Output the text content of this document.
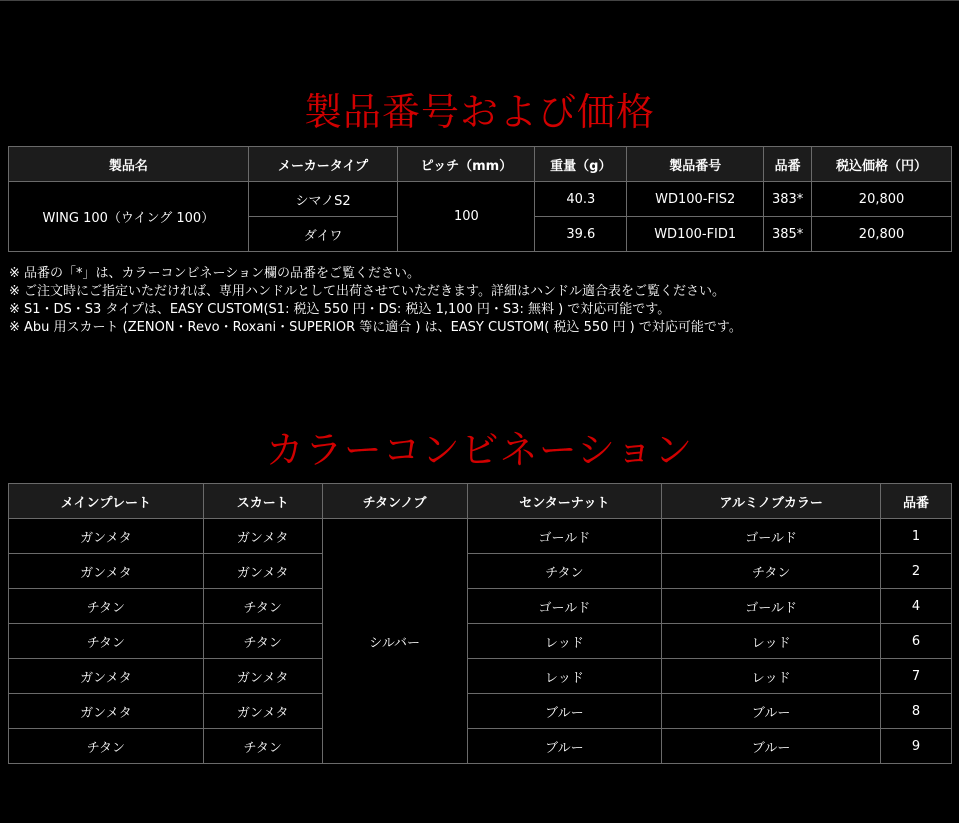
製品番号および価格
製品名	メーカータイプ	ピッチ（mm）	重量（g）	製品番号	品番	税込価格（円）
WING 100（ウイング 100）	シマノS2	100	40.3	WD100-FIS2	383*	20,800
	ダイワ		39.6	WD100-FID1	385*	20,800
※ 品番の「*」は、カラーコンビネーション欄の品番をご覧ください。
※ ご注文時にご指定いただければ、専用ハンドルとして出荷させていただきます。詳細はハンドル適合表をご覧ください。
※ S1・DS・S3 タイプは、EASY CUSTOM(S1: 税込 550 円・DS: 税込 1,100 円・S3: 無料 ) で対応可能です。
※ Abu 用スカート (ZENON・Revo・Roxani・SUPERIOR 等に適合 ) は、EASY CUSTOM( 税込 550 円 ) で対応可能です。
カラーコンビネーション
メインプレート	スカート	チタンノブ	センターナット	アルミノブカラー	品番
ガンメタ	ガンメタ	シルバー	ゴールド	ゴールド	1
ガンメタ	ガンメタ		チタン	チタン	2
チタン	チタン		ゴールド	ゴールド	4
チタン	チタン		レッド	レッド	6
ガンメタ	ガンメタ		レッド	レッド	7
ガンメタ	ガンメタ		ブルー	ブルー	8
チタン	チタン		ブルー	ブルー	9
